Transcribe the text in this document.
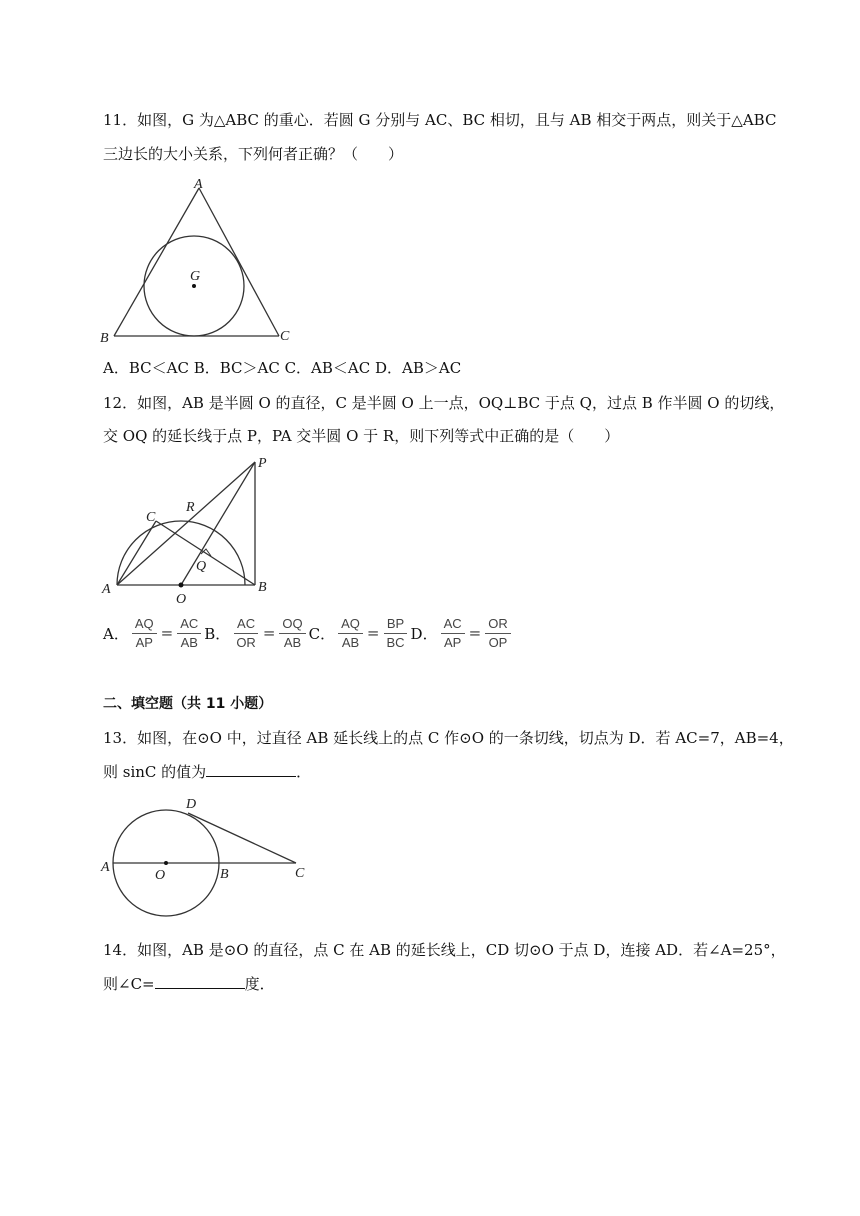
11．如图，G 为△ABC 的重心．若圆 G 分别与 AC、BC 相切，且与 AB 相交于两点，则关于△ABC
三边长的大小关系，下列何者正确？（　　）
A
B	C
G
A．BC＜AC B．BC＞AC C．AB＜AC D．AB＞AC
12．如图，AB 是半圆 O 的直径，C 是半圆 O 上一点，OQ⊥BC 于点 Q，过点 B 作半圆 O 的切线，
交 OQ 的延长线于点 P，PA 交半圆 O 于 R，则下列等式中正确的是（　　）
A	B
C
O
P
Q
R
A． $\frac{AQ}{AP} = \frac{AC}{AB}$ B． $\frac{AC}{OR} = \frac{OQ}{AB}$ C． $\frac{AQ}{AB} = \frac{BP}{BC}$ D． $\frac{AC}{AP} = \frac{OR}{OP}$
二、填空题（共 11 小题）
13．如图，在⊙O 中，过直径 AB 延长线上的点 C 作⊙O 的一条切线，切点为 D．若 AC=7，AB=4，
则 sinC 的值为	．
A	B	C
D
O
14．如图，AB 是⊙O 的直径，点 C 在 AB 的延长线上，CD 切⊙O 于点 D，连接 AD．若∠A=25°，
则∠C=	度．
